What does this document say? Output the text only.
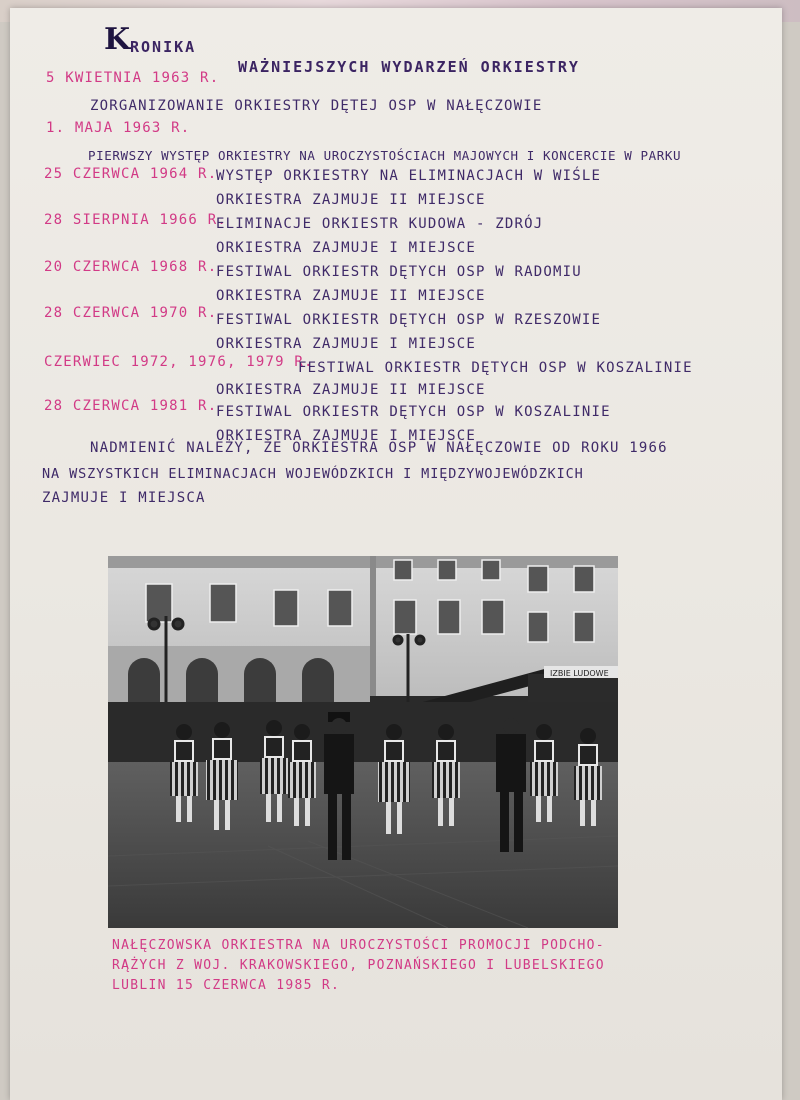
K
RONIKA
WAŻNIEJSZYCH WYDARZEŃ ORKIESTRY
5 KWIETNIA 1963 R.
ZORGANIZOWANIE ORKIESTRY DĘTEJ OSP W NAŁĘCZOWIE
1. MAJA 1963 R.
PIERWSZY WYSTĘP ORKIESTRY NA UROCZYSTOŚCIACH MAJOWYCH I KONCERCIE W PARKU
25 CZERWCA 1964 R.
WYSTĘP ORKIESTRY NA ELIMINACJACH W WIŚLE
ORKIESTRA ZAJMUJE II MIEJSCE
28 SIERPNIA 1966 R.
ELIMINACJE ORKIESTR KUDOWA - ZDRÓJ
ORKIESTRA ZAJMUJE I MIEJSCE
20 CZERWCA 1968 R.
FESTIWAL ORKIESTR DĘTYCH OSP W RADOMIU
ORKIESTRA ZAJMUJE II MIEJSCE
28 CZERWCA 1970 R.
FESTIWAL ORKIESTR DĘTYCH OSP W RZESZOWIE
ORKIESTRA ZAJMUJE I MIEJSCE
CZERWIEC 1972, 1976, 1979 R.
FESTIWAL ORKIESTR DĘTYCH OSP W KOSZALINIE
ORKIESTRA ZAJMUJE II MIEJSCE
28 CZERWCA 1981 R.
FESTIWAL ORKIESTR DĘTYCH OSP W KOSZALINIE
ORKIESTRA ZAJMUJE I MIEJSCE
NADMIENIĆ NALEŻY, ŻE ORKIESTRA OSP W NAŁĘCZOWIE OD ROKU 1966
NA WSZYSTKICH ELIMINACJACH WOJEWÓDZKICH I MIĘDZYWOJEWÓDZKICH
ZAJMUJE I MIEJSCA
IZBIE LUDOWE
NAŁĘCZOWSKA ORKIESTRA NA UROCZYSTOŚCI PROMOCJI PODCHO-
RĄŻYCH Z WOJ. KRAKOWSKIEGO, POZNAŃSKIEGO I LUBELSKIEGO
LUBLIN 15 CZERWCA 1985 R.
